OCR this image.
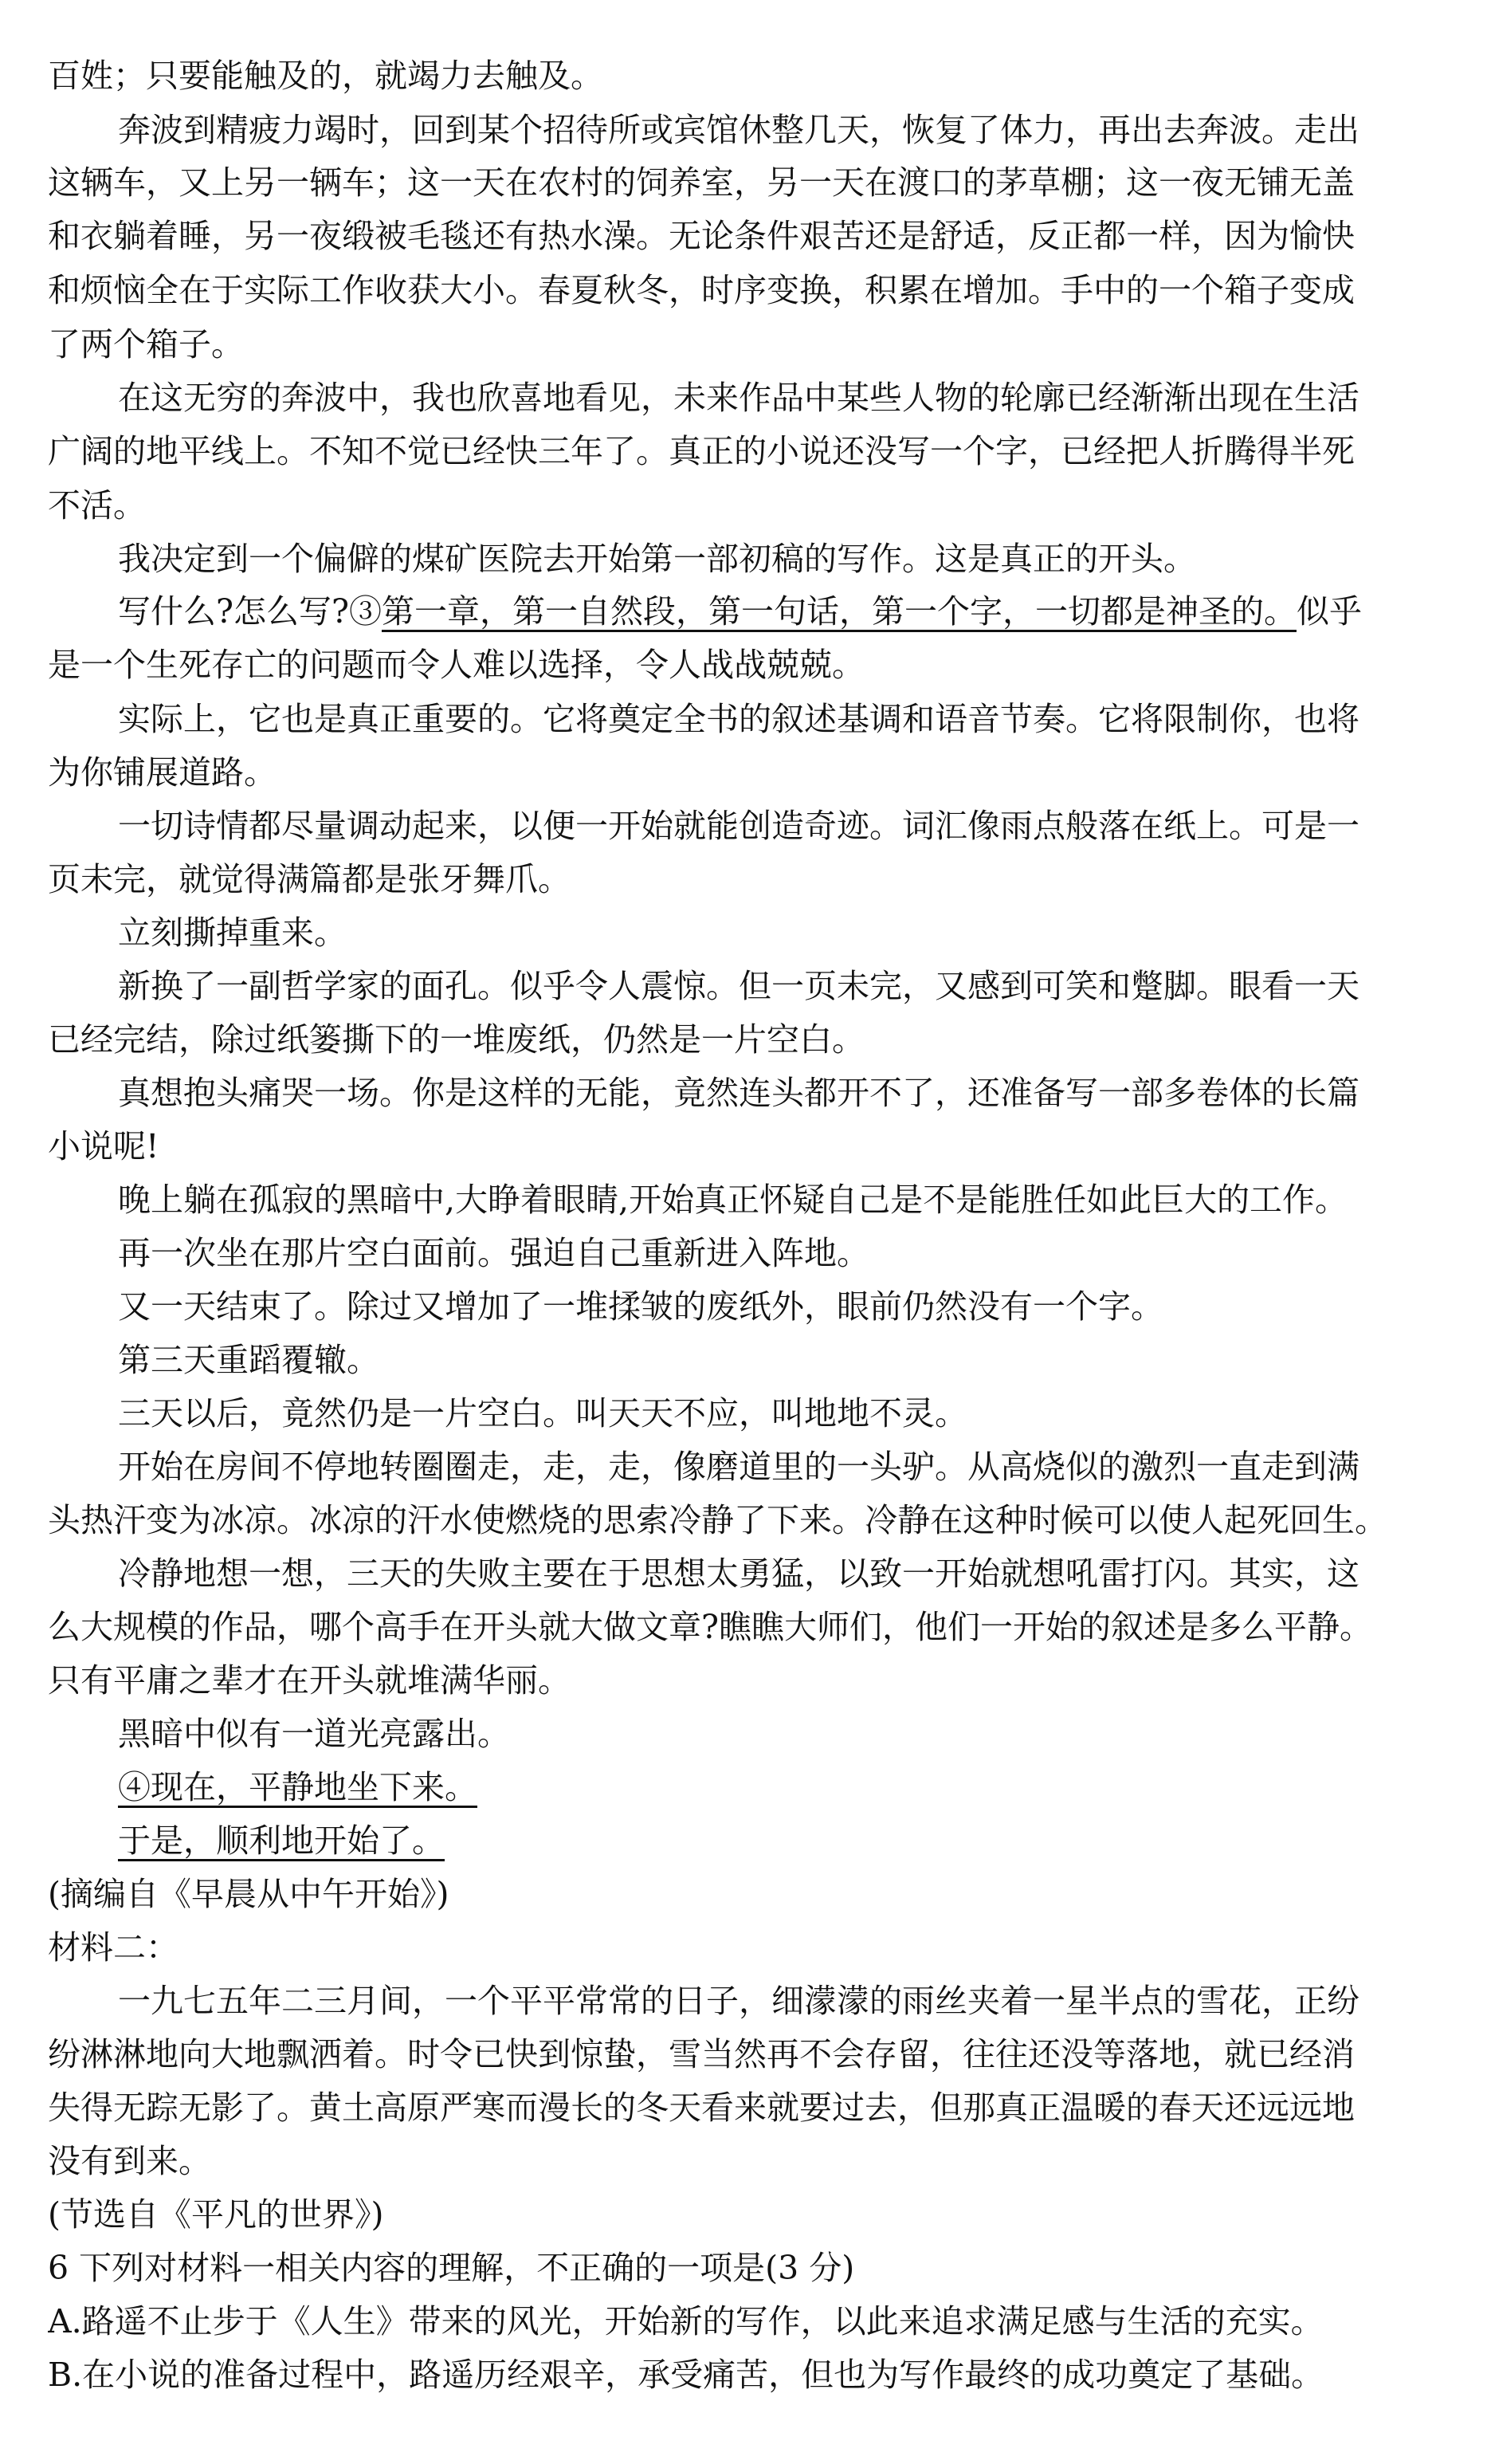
百姓；只要能触及的，就竭力去触及。
奔波到精疲力竭时，回到某个招待所或宾馆休整几天，恢复了体力，再出去奔波。走出
这辆车，又上另一辆车；这一天在农村的饲养室，另一天在渡口的茅草棚；这一夜无铺无盖
和衣躺着睡，另一夜缎被毛毯还有热水澡。无论条件艰苦还是舒适，反正都一样，因为愉快
和烦恼全在于实际工作收获大小。春夏秋冬，时序变换，积累在增加。手中的一个箱子变成
了两个箱子。
在这无穷的奔波中，我也欣喜地看见，未来作品中某些人物的轮廓已经渐渐出现在生活
广阔的地平线上。不知不觉已经快三年了。真正的小说还没写一个字，已经把人折腾得半死
不活。
我决定到一个偏僻的煤矿医院去开始第一部初稿的写作。这是真正的开头。
写什么?怎么写?③第一章，第一自然段，第一句话，第一个字，一切都是神圣的。似乎
是一个生死存亡的问题而令人难以选择，令人战战兢兢。
实际上，它也是真正重要的。它将奠定全书的叙述基调和语音节奏。它将限制你，也将
为你铺展道路。
一切诗情都尽量调动起来，以便一开始就能创造奇迹。词汇像雨点般落在纸上。可是一
页未完，就觉得满篇都是张牙舞爪。
立刻撕掉重来。
新换了一副哲学家的面孔。似乎令人震惊。但一页未完，又感到可笑和蹩脚。眼看一天
已经完结，除过纸篓撕下的一堆废纸，仍然是一片空白。
真想抱头痛哭一场。你是这样的无能，竟然连头都开不了，还准备写一部多卷体的长篇
小说呢!
晚上躺在孤寂的黑暗中,大睁着眼睛,开始真正怀疑自己是不是能胜任如此巨大的工作。
再一次坐在那片空白面前。强迫自己重新进入阵地。
又一天结束了。除过又增加了一堆揉皱的废纸外，眼前仍然没有一个字。
第三天重蹈覆辙。
三天以后，竟然仍是一片空白。叫天天不应，叫地地不灵。
开始在房间不停地转圈圈走，走，走，像磨道里的一头驴。从高烧似的激烈一直走到满
头热汗变为冰凉。冰凉的汗水使燃烧的思索冷静了下来。冷静在这种时候可以使人起死回生。
冷静地想一想，三天的失败主要在于思想太勇猛，以致一开始就想吼雷打闪。其实，这
么大规模的作品，哪个高手在开头就大做文章?瞧瞧大师们，他们一开始的叙述是多么平静。
只有平庸之辈才在开头就堆满华丽。
黑暗中似有一道光亮露出。
④现在，平静地坐下来。
于是，顺利地开始了。
(摘编自《早晨从中午开始》)
材料二：
一九七五年二三月间，一个平平常常的日子，细濛濛的雨丝夹着一星半点的雪花，正纷
纷淋淋地向大地飘洒着。时令已快到惊蛰，雪当然再不会存留，往往还没等落地，就已经消
失得无踪无影了。黄土高原严寒而漫长的冬天看来就要过去，但那真正温暖的春天还远远地
没有到来。
(节选自《平凡的世界》)
6 下列对材料一相关内容的理解，不正确的一项是(3 分)
A.路遥不止步于《人生》带来的风光，开始新的写作，以此来追求满足感与生活的充实。
B.在小说的准备过程中，路遥历经艰辛，承受痛苦，但也为写作最终的成功奠定了基础。
